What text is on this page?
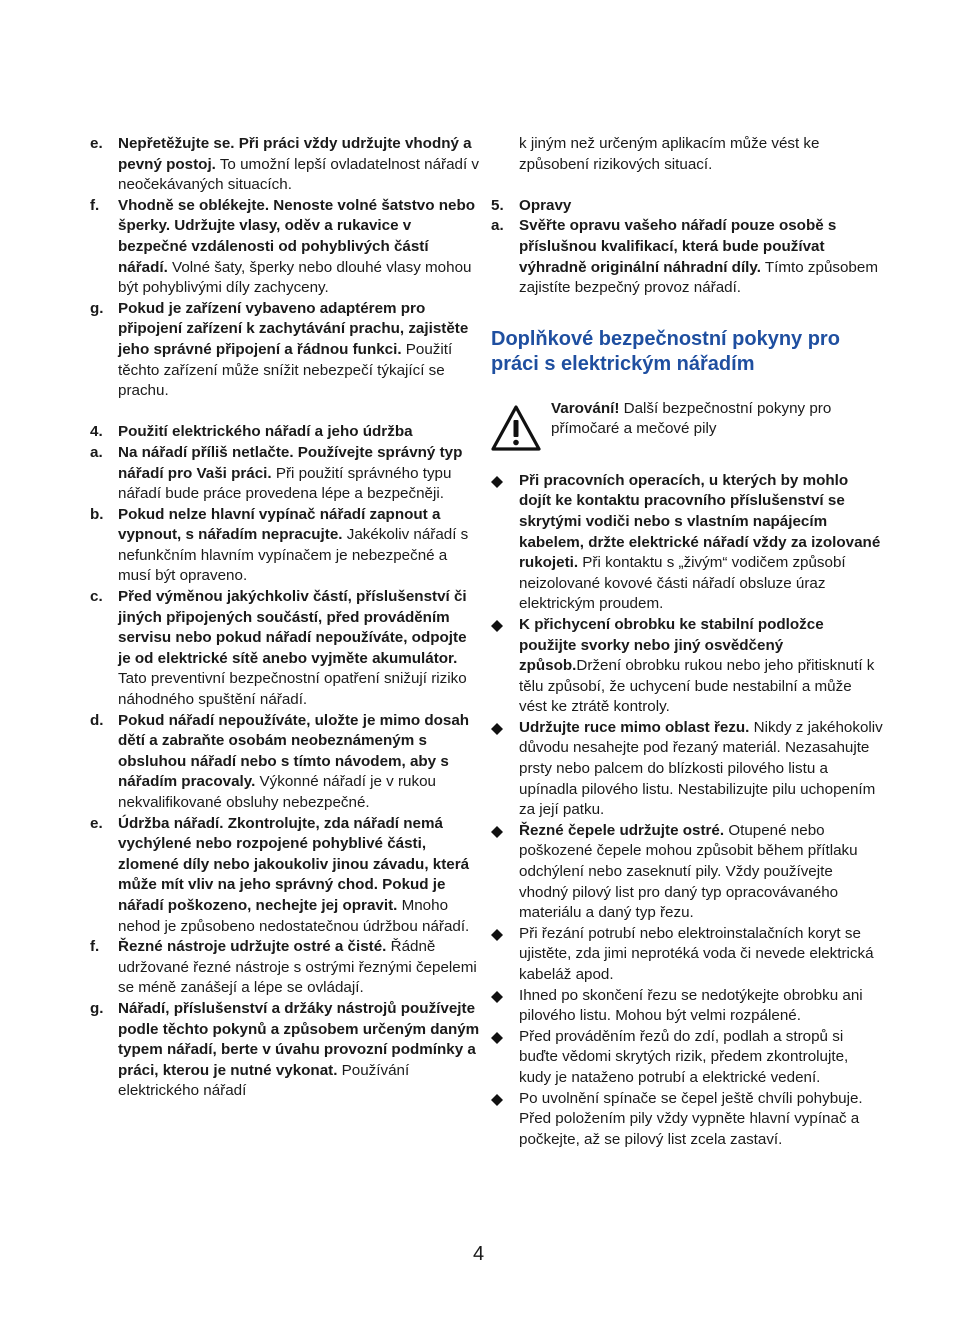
e.	Nepřetěžujte se. Při práci vždy udržujte vhodný a pevný postoj. To umožní lepší ovladatelnost nářadí v neočekávaných situacích.
f.	Vhodně se oblékejte. Nenoste volné šatstvo nebo šperky. Udržujte vlasy, oděv a rukavice v bezpečné vzdálenosti od pohyblivých částí nářadí. Volné šaty, šperky nebo dlouhé vlasy mohou být pohyblivými díly zachyceny.
g. Pokud je zařízení vybaveno adaptérem pro připojení zařízení k zachytávání prachu, zajistěte jeho správné připojení a řádnou funkci. Použití těchto zařízení může snížit nebezpečí týkající se prachu.
4.	Použití elektrického nářadí a jeho údržba
a.	Na nářadí příliš netlačte. Používejte správný typ nářadí pro Vaši práci. Při použití správného typu nářadí bude práce provedena lépe a bezpečněji.
b. Pokud nelze hlavní vypínač nářadí zapnout a vypnout, s nářadím nepracujte. Jakékoliv nářadí s nefunkčním hlavním vypínačem je nebezpečné a musí být opraveno.
c.	Před výměnou jakýchkoliv částí, příslušenství či jiných připojených součástí, před prováděním servisu nebo pokud nářadí nepoužíváte, odpojte je od elektrické sítě anebo vyjměte akumulátor. Tato preventivní bezpečnostní opatření snižují riziko náhodného spuštění nářadí.
d. Pokud nářadí nepoužíváte, uložte je mimo dosah dětí a zabraňte osobám neobeznámeným s obsluhou nářadí nebo s tímto návodem, aby s nářadím pracovaly. Výkonné nářadí je v rukou nekvalifikované obsluhy nebezpečné.
e.	Údržba nářadí. Zkontrolujte, zda nářadí nemá vychýlené nebo rozpojené pohyblivé části, zlomené díly nebo jakoukoliv jinou závadu, která může mít vliv na jeho správný chod. Pokud je nářadí poškozeno, nechejte jej opravit. Mnoho nehod je způsobeno nedostatečnou údržbou nářadí.
f.	Řezné nástroje udržujte ostré a čisté. Řádně udržované řezné nástroje s ostrými řeznými čepelemi se méně zanášejí a lépe se ovládají.
g. Nářadí, příslušenství a držáky nástrojů používejte podle těchto pokynů a způsobem určeným daným typem nářadí, berte v úvahu provozní podmínky a práci, kterou je nutné vykonat. Používání elektrického nářadí
k jiným než určeným aplikacím může vést ke způsobení rizikových situací.
5.	Opravy
a.	Svěřte opravu vašeho nářadí pouze osobě s příslušnou kvalifikací, která bude používat výhradně originální náhradní díly. Tímto způsobem zajistíte bezpečný provoz nářadí.
Doplňkové bezpečnostní pokyny pro práci s elektrickým nářadím
Varování! Další bezpečnostní pokyny pro přímočaré a mečové pily
Při pracovních operacích, u kterých by mohlo dojít ke kontaktu pracovního příslušenství se skrytými vodiči nebo s vlastním napájecím kabelem, držte elektrické nářadí vždy za izolované rukojeti. Při kontaktu s „živým“ vodičem způsobí neizolované kovové části nářadí obsluze úraz elektrickým proudem.
K přichycení obrobku ke stabilní podložce použijte svorky nebo jiný osvědčený způsob.Držení obrobku rukou nebo jeho přitisknutí k tělu způsobí, že uchycení bude nestabilní a může vést ke ztrátě kontroly.
Udržujte ruce mimo oblast řezu. Nikdy z jakéhokoliv důvodu nesahejte pod řezaný materiál. Nezasahujte prsty nebo palcem do blízkosti pilového listu a upínadla pilového listu. Nestabilizujte pilu uchopením za její patku.
Řezné čepele udržujte ostré. Otupené nebo poškozené čepele mohou způsobit během přítlaku odchýlení nebo zaseknutí pily. Vždy používejte vhodný pilový list pro daný typ opracovávaného materiálu a daný typ řezu.
Při řezání potrubí nebo elektroinstalačních koryt se ujistěte, zda jimi neprotéká voda či nevede elektrická kabeláž apod.
Ihned po skončení řezu se nedotýkejte obrobku ani pilového listu. Mohou být velmi rozpálené.
Před prováděním řezů do zdí, podlah a stropů si buďte vědomi skrytých rizik, předem zkontrolujte, kudy je nataženo potrubí a elektrické vedení.
Po uvolnění spínače se čepel ještě chvíli pohybuje.
Před položením pily vždy vypněte hlavní vypínač a počkejte, až se pilový list zcela zastaví.
4
